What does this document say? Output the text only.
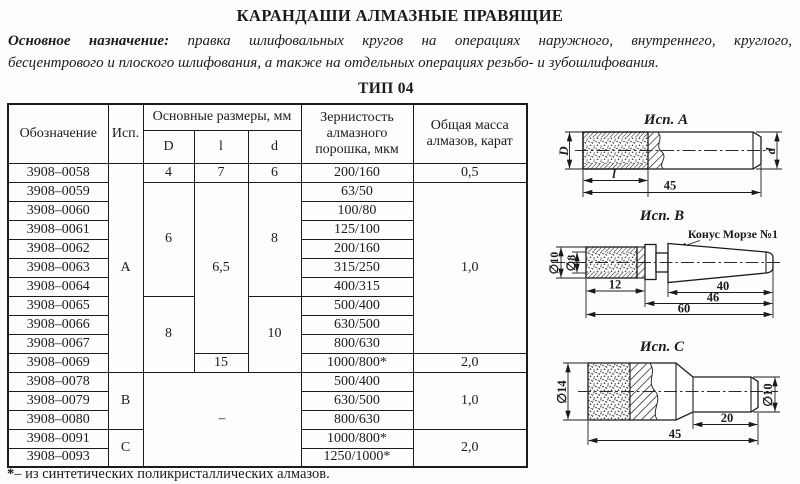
КАРАНДАШИ АЛМАЗНЫЕ ПРАВЯЩИЕ

Основное назначение: правка шлифовальных кругов на операциях наружного, внутреннего, круглого,

бесцентрового и плоского шлифования, а также на отдельных операциях резьбо- и зубошлифования.

ТИП 04
Обозначение	Исп.	Основные размеры, мм			Зернистость алмазного порошка, мкм	Общая масса алмазов, карат
		D	l	d		
3908–0058	А	4	7	6	200/160	0,5
3908–0059		6	6,5	8	63/50	1,0
3908–0060					100/80	
3908–0061					125/100	
3908–0062					200/160	
3908–0063					315/250	
3908–0064					400/315	
3908–0065		8		10	500/400	
3908–0066					630/500	
3908–0067					800/630	
3908–0069			15		1000/800*	2,0
3908–0078	В	–			500/400	1,0
3908–0079					630/500	
3908–0080					800/630	
3908–0091	С				1000/800*	2,0
3908–0093					1250/1000*	
*– из синтетических поликристаллических алмазов.
Исп. А
D	d
l
45
Исп. В
Конус Морзе №1
∅10 ∅8
12	40
46
60
Исп. С
∅14	∅10
20
45
